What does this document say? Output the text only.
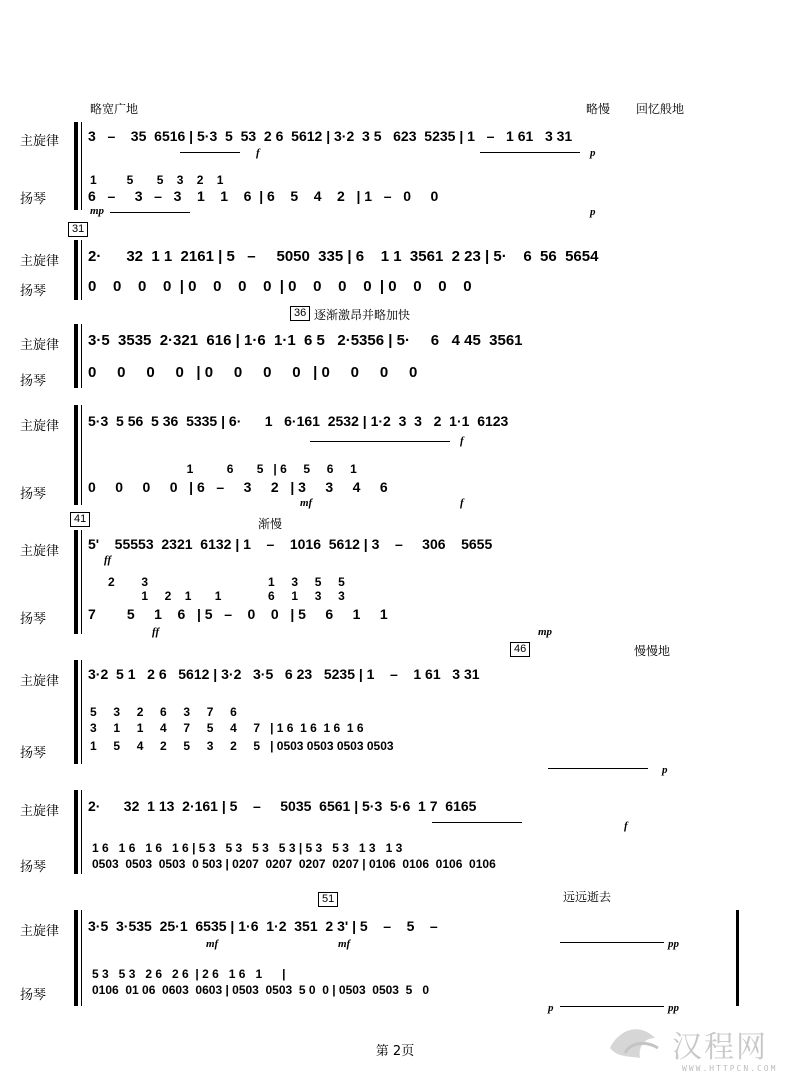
略宽广地	略慢 回忆般地
主旋律
扬琴
3   –    35  6516 | 5·3  5  53  2 6  5612 | 3·2  3 5   623  5235 | 1   –   1 61   3 31
1         5       5    3    2    1
6   –     3   –   3    1    1    6  | 6    5    4    2   | 1   –   0     0
mp
f	p
p
31
主旋律
扬琴
2·      32  1 1  2161 | 5   –     5050  335 | 6    1 1  3561  2 23 | 5·    6  56  5654
0    0    0    0  | 0    0    0    0  | 0    0    0    0  | 0    0    0    0
36 逐渐激昂并略加快
主旋律
扬琴
3·5  3535  2·321  616 | 1·6  1·1  6 5   2·5356 | 5·     6   4 45  3561
0     0     0     0   | 0     0     0     0   | 0     0     0     0
主旋律
扬琴
5·3  5 56  5 36  5335 | 6·      1   6·161  2532 | 1·2  3  3   2  1·1  6123
1          6       5   | 6     5     6     1
0     0     0     0   | 6   –     3     2   | 3     3     4     6
mf
f
f
41	渐慢
主旋律
扬琴
5'    55553  2321  6132 | 1    –    1016  5612 | 3    –     306    5655
2        3                                    1     3     5     5
1     2    1       1              6     1     3     3
7        5     1    6   | 5   –    0    0   | 5     6     1     1
ff
ff	mp
46	慢慢地
主旋律
扬琴
3·2  5 1   2 6   5612 | 3·2   3·5   6 23   5235 | 1    –    1 61   3 31
5     3     2     6     3     7     6
3     1     1     4     7     5     4     7   | 1 6  1 6  1 6  1 6
1     5     4     2     5     3     2     5   | 0503 0503 0503 0503
p
主旋律
扬琴
2·      32  1 13  2·161 | 5    –     5035  6561 | 5·3  5·6  1 7  6165
1 6   1 6   1 6   1 6 | 5 3   5 3   5 3   5 3 | 5 3   5 3   1 3   1 3
0503  0503  0503  0 503 | 0207  0207  0207  0207 | 0106  0106  0106  0106
f
51	远远逝去
主旋律
扬琴
3·5  3·535  25·1  6535 | 1·6  1·2  351  2 3' | 5    –    5    –
5 3   5 3   2 6   2 6  | 2 6   1 6   1      |
0106  01 06  0603  0603 | 0503  0503  5 0  0 | 0503  0503  5   0
mf	mf
p
pp
pp
第 2页	汉程网
WWW.HTTPCN.COM
